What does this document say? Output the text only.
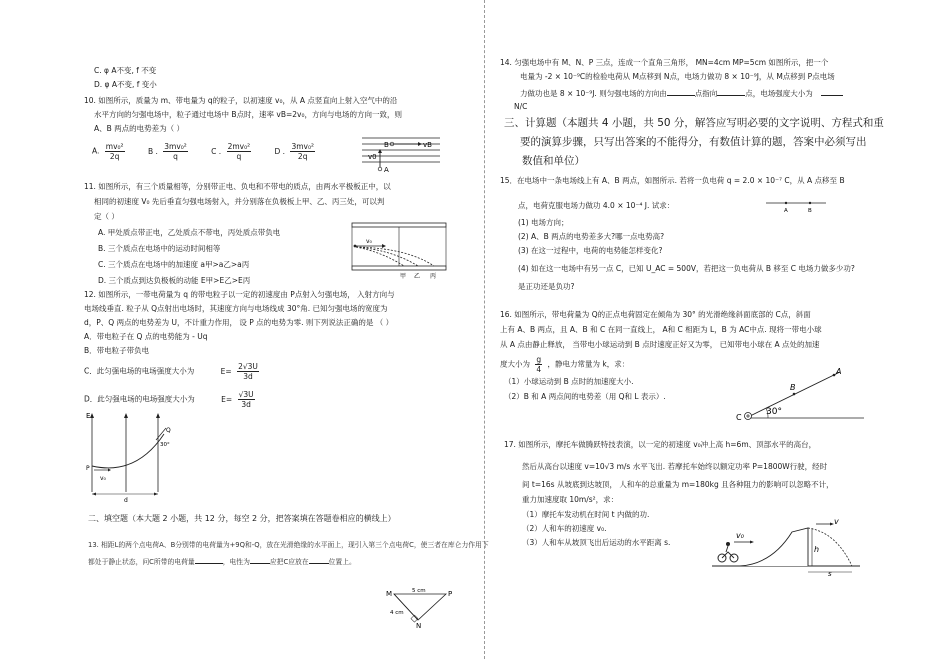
C. φ A不变, f 不变
D. φ A不变, f 变小
10. 如图所示，质量为 m、带电量为 q的粒子，以初速度 v₀，从 A 点竖直向上射入空气中的沿
水平方向的匀强电场中，粒子通过电场中 B点时，速率 vB=2v₀，方向与电场的方向一致，则
A、B 两点的电势差为（ ）
A. $\frac{\text{mv₀²}}{2q}$	B . $\frac{\text{3mv₀²}}{q}$	C . $\frac{\text{2mv₀²}}{q}$	D . $\frac{\text{3mv₀²}}{2q}$	B	vB
v0
A
11. 如图所示，有三个质量相等，分别带正电、负电和不带电的质点，由两水平极板正中，以
相同的初速度 V₀ 先后垂直匀强电场射入，并分别落在负极板上甲、乙、丙三处，可以判
定（ ）
A. 甲处质点带正电，乙处质点不带电，丙处质点带负电
B. 三个质点在电场中的运动时间相等
C. 三个质点在电场中的加速度 a甲>a乙>a丙
D. 三个质点到达负极板的动能 E甲>E乙>E丙
v₀
甲 乙 丙
12. 如图所示，一带电荷量为 q 的带电粒子以一定的初速度由 P点射入匀强电场， 入射方向与
电场线垂直. 粒子从 Q点射出电场时，其速度方向与电场线成 30°角. 已知匀强电场的宽度为
d，P、Q 两点的电势差为 U，不计重力作用， 设 P 点的电势为零. 则下列说法正确的是 （ ）
A．带电粒子在 Q 点的电势能为 - Uq
B．带电粒子带负电
C．此匀强电场的电场强度大小为	$E= \frac{2√3U}{3d}$
D．此匀强电场的电场强度大小为	$E= \frac{√3U}{3d}$
E
Q
P
v₀
d
30°
二、填空题（本大题 2 小题，共 12 分，每空 2 分，把答案填在答题卷相应的横线上）
13. 相距L的两个点电荷A、B分别带的电荷量为+9Q和-Q，放在光滑绝缘的水平面上，现引入第三个点电荷C，使三者在库仑力作用下
都处于静止状态，问C所带的电荷量	，电性为	应把C应放在	位置上。
M	P
N
5 cm
4 cm
14. 匀强电场中有 M、N、P 三点，连成一个直角三角形， MN=4cm MP=5cm 如图所示，把一个
电量为 -2 × 10⁻⁹C的检验电荷从 M点移到 N点，电场力做功 8 × 10⁻⁹J，从 M点移到 P点电场
力做功也是 8 × 10⁻⁹J. 则匀强电场的方向由	点指向	点，电场强度大小为
N/C
三、计算题（本题共 4 小题，共 50 分，解答应写明必要的文字说明、方程式和重
要的演算步骤，只写出答案的不能得分，有数值计算的题，答案中必须写出
数值和单位）
15．在电场中一条电场线上有 A、B 两点，如图所示. 若将一负电荷 q = 2.0 × 10⁻⁷ C，从 A 点移至 B
点，电荷克服电场力做功 4.0 × 10⁻⁴ J. 试求：
A	B
(1) 电场方向；
(2) A、B 两点的电势差多大?哪一点电势高?
(3) 在这一过程中，电荷的电势能怎样变化?
(4) 如在这一电场中有另一点 C，已知 U_AC = 500V，若把这一负电荷从 B 移至 C 电场力做多少功?
是正功还是负功?
16. 如图所示，带电荷量为 Q的正点电荷固定在倾角为 30° 的光滑绝缘斜面底部的 C点，斜面
上有 A、B 两点，且 A、B 和 C 在同一直线上， A和 C 相距为 L，B 为 AC中点. 现将一带电小球
从 A 点由静止释放， 当带电小球运动到 B 点时速度正好又为零， 已知带电小球在 A 点处的加速
度大小为 $\frac{g}{4}$ ，静电力常量为 k，求：
（1）小球运动到 B 点时的加速度大小.
（2）B 和 A 两点间的电势差（用 Q和 L 表示）.
C
B
A
30°
17. 如图所示，摩托车做腾跃特技表演，以一定的初速度 v₀冲上高 h=6m、顶部水平的高台，
然后从高台以速度 v=10√3 m/s 水平飞出. 若摩托车始终以额定功率 P=1800W行驶，经时
间 t=16s 从坡底到达坡顶， 人和车的总重量为 m=180kg 且各种阻力的影响可以忽略不计，
重力加速度取 10m/s²，求：
（1）摩托车发动机在时间 t 内做的功.
（2）人和车的初速度 v₀.
（3）人和车从坡顶飞出后运动的水平距离 s.
v₀
v
h
s
